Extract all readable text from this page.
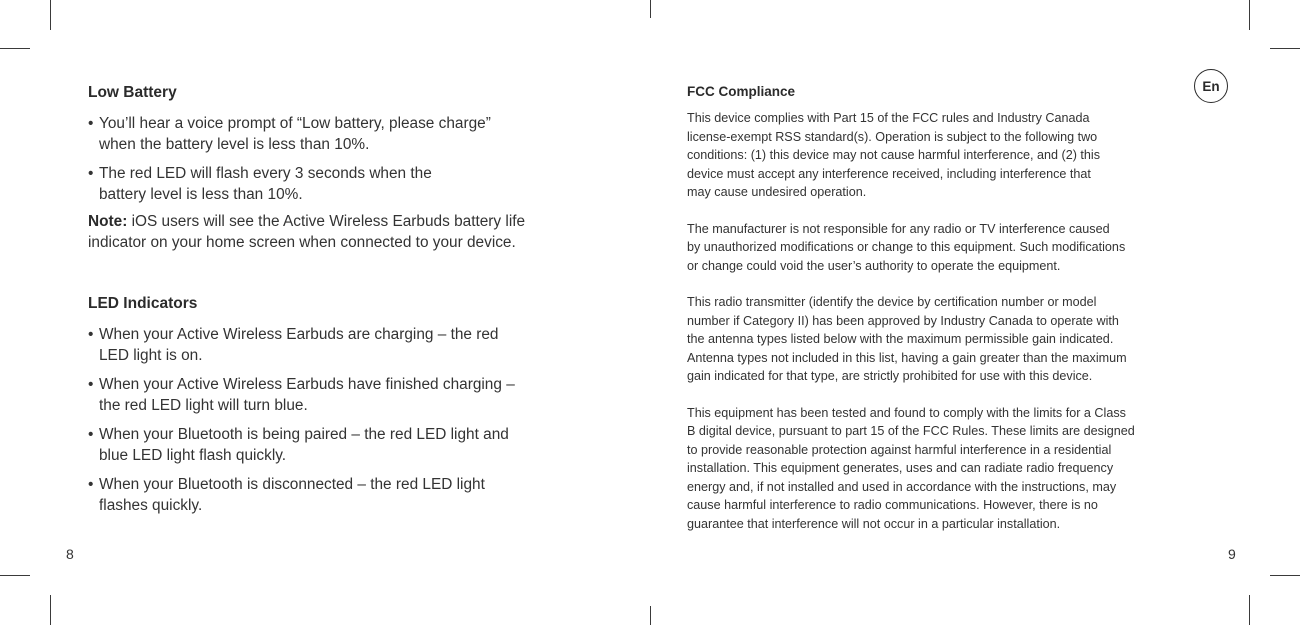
Low Battery
• You’ll hear a voice prompt of “Low battery, please charge”
when the battery level is less than 10%.
• The red LED will flash every 3 seconds when the
battery level is less than 10%.
Note: iOS users will see the Active Wireless Earbuds battery life
indicator on your home screen when connected to your device.
LED Indicators
• When your Active Wireless Earbuds are charging – the red
LED light is on.
• When your Active Wireless Earbuds have finished charging –
the red LED light will turn blue.
• When your Bluetooth is being paired – the red LED light and
blue LED light flash quickly.
• When your Bluetooth is disconnected – the red LED light
flashes quickly.
8
En
FCC Compliance

This device complies with Part 15 of the FCC rules and Industry Canada
license-exempt RSS standard(s). Operation is subject to the following two
conditions: (1) this device may not cause harmful interference, and (2) this
device must accept any interference received, including interference that
may cause undesired operation.

The manufacturer is not responsible for any radio or TV interference caused
by unauthorized modifications or change to this equipment. Such modifications
or change could void the user’s authority to operate the equipment.

This radio transmitter (identify the device by certification number or model
number if Category II) has been approved by Industry Canada to operate with
the antenna types listed below with the maximum permissible gain indicated.
Antenna types not included in this list, having a gain greater than the maximum
gain indicated for that type, are strictly prohibited for use with this device.

This equipment has been tested and found to comply with the limits for a Class
B digital device, pursuant to part 15 of the FCC Rules. These limits are designed
to provide reasonable protection against harmful interference in a residential
installation. This equipment generates, uses and can radiate radio frequency
energy and, if not installed and used in accordance with the instructions, may
cause harmful interference to radio communications. However, there is no
guarantee that interference will not occur in a particular installation.

9
